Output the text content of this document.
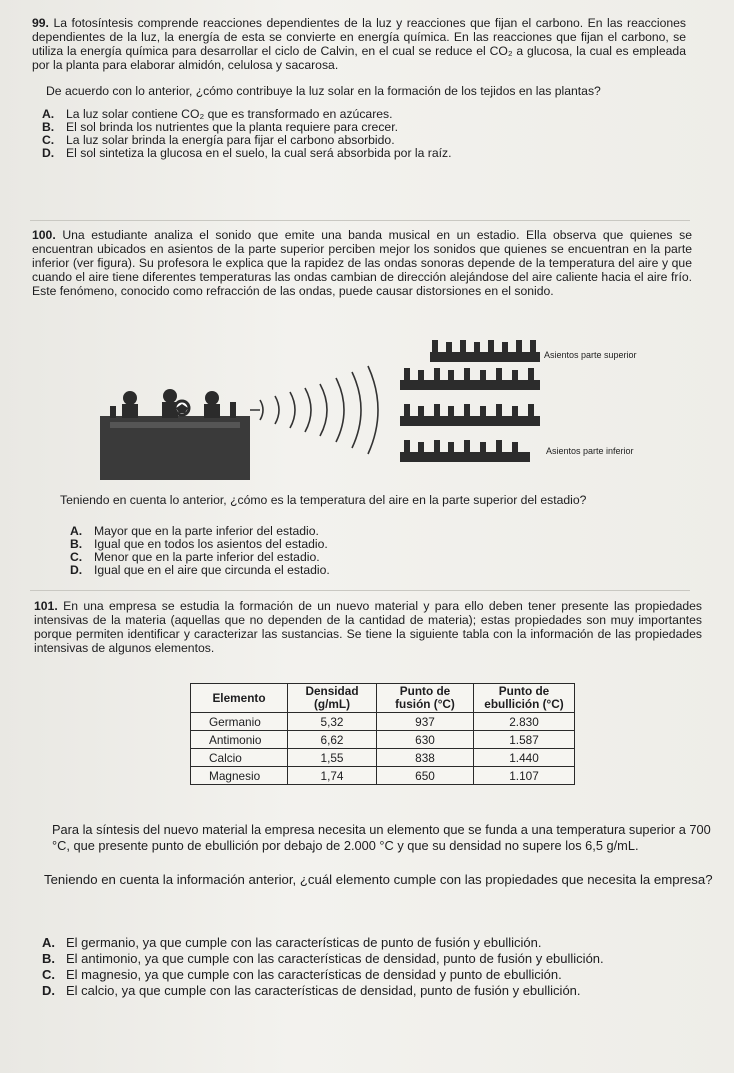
99. La fotosíntesis comprende reacciones dependientes de la luz y reacciones que fijan el carbono. En las reacciones dependientes de la luz, la energía de esta se convierte en energía química. En las reacciones que fijan el carbono, se utiliza la energía química para desarrollar el ciclo de Calvin, en el cual se reduce el CO₂ a glucosa, la cual es empleada por la planta para elaborar almidón, celulosa y sacarosa.

De acuerdo con lo anterior, ¿cómo contribuye la luz solar en la formación de los tejidos en las plantas?

A. La luz solar contiene CO₂ que es transformado en azúcares.
B. El sol brinda los nutrientes que la planta requiere para crecer.
C. La luz solar brinda la energía para fijar el carbono absorbido.
D. El sol sintetiza la glucosa en el suelo, la cual será absorbida por la raíz.

100. Una estudiante analiza el sonido que emite una banda musical en un estadio. Ella observa que quienes se encuentran ubicados en asientos de la parte superior perciben mejor los sonidos que quienes se encuentran en la parte inferior (ver figura). Su profesora le explica que la rapidez de las ondas sonoras depende de la temperatura del aire y que cuando el aire tiene diferentes temperaturas las ondas cambian de dirección alejándose del aire caliente hacia el aire frío. Este fenómeno, conocido como refracción de las ondas, puede causar distorsiones en el sonido.

Asientos parte superior
Asientos parte inferior

Teniendo en cuenta lo anterior, ¿cómo es la temperatura del aire en la parte superior del estadio?

A. Mayor que en la parte inferior del estadio.
B. Igual que en todos los asientos del estadio.
C. Menor que en la parte inferior del estadio.
D. Igual que en el aire que circunda el estadio.

101. En una empresa se estudia la formación de un nuevo material y para ello deben tener presente las propiedades intensivas de la materia (aquellas que no dependen de la cantidad de materia); estas propiedades son muy importantes porque permiten identificar y caracterizar las sustancias. Se tiene la siguiente tabla con la información de las propiedades intensivas de algunos elementos.

Elemento	Densidad (g/mL)	Punto de fusión (°C)	Punto de ebullición (°C)
Germanio	5,32	937	2.830
Antimonio	6,62	630	1.587
Calcio	1,55	838	1.440
Magnesio	1,74	650	1.107

Para la síntesis del nuevo material la empresa necesita un elemento que se funda a una temperatura superior a 700 °C, que presente punto de ebullición por debajo de 2.000 °C y que su densidad no supere los 6,5 g/mL.

Teniendo en cuenta la información anterior, ¿cuál elemento cumple con las propiedades que necesita la empresa?

A. El germanio, ya que cumple con las características de punto de fusión y ebullición.
B. El antimonio, ya que cumple con las características de densidad, punto de fusión y ebullición.
C. El magnesio, ya que cumple con las características de densidad y punto de ebullición.
D. El calcio, ya que cumple con las características de densidad, punto de fusión y ebullición.
